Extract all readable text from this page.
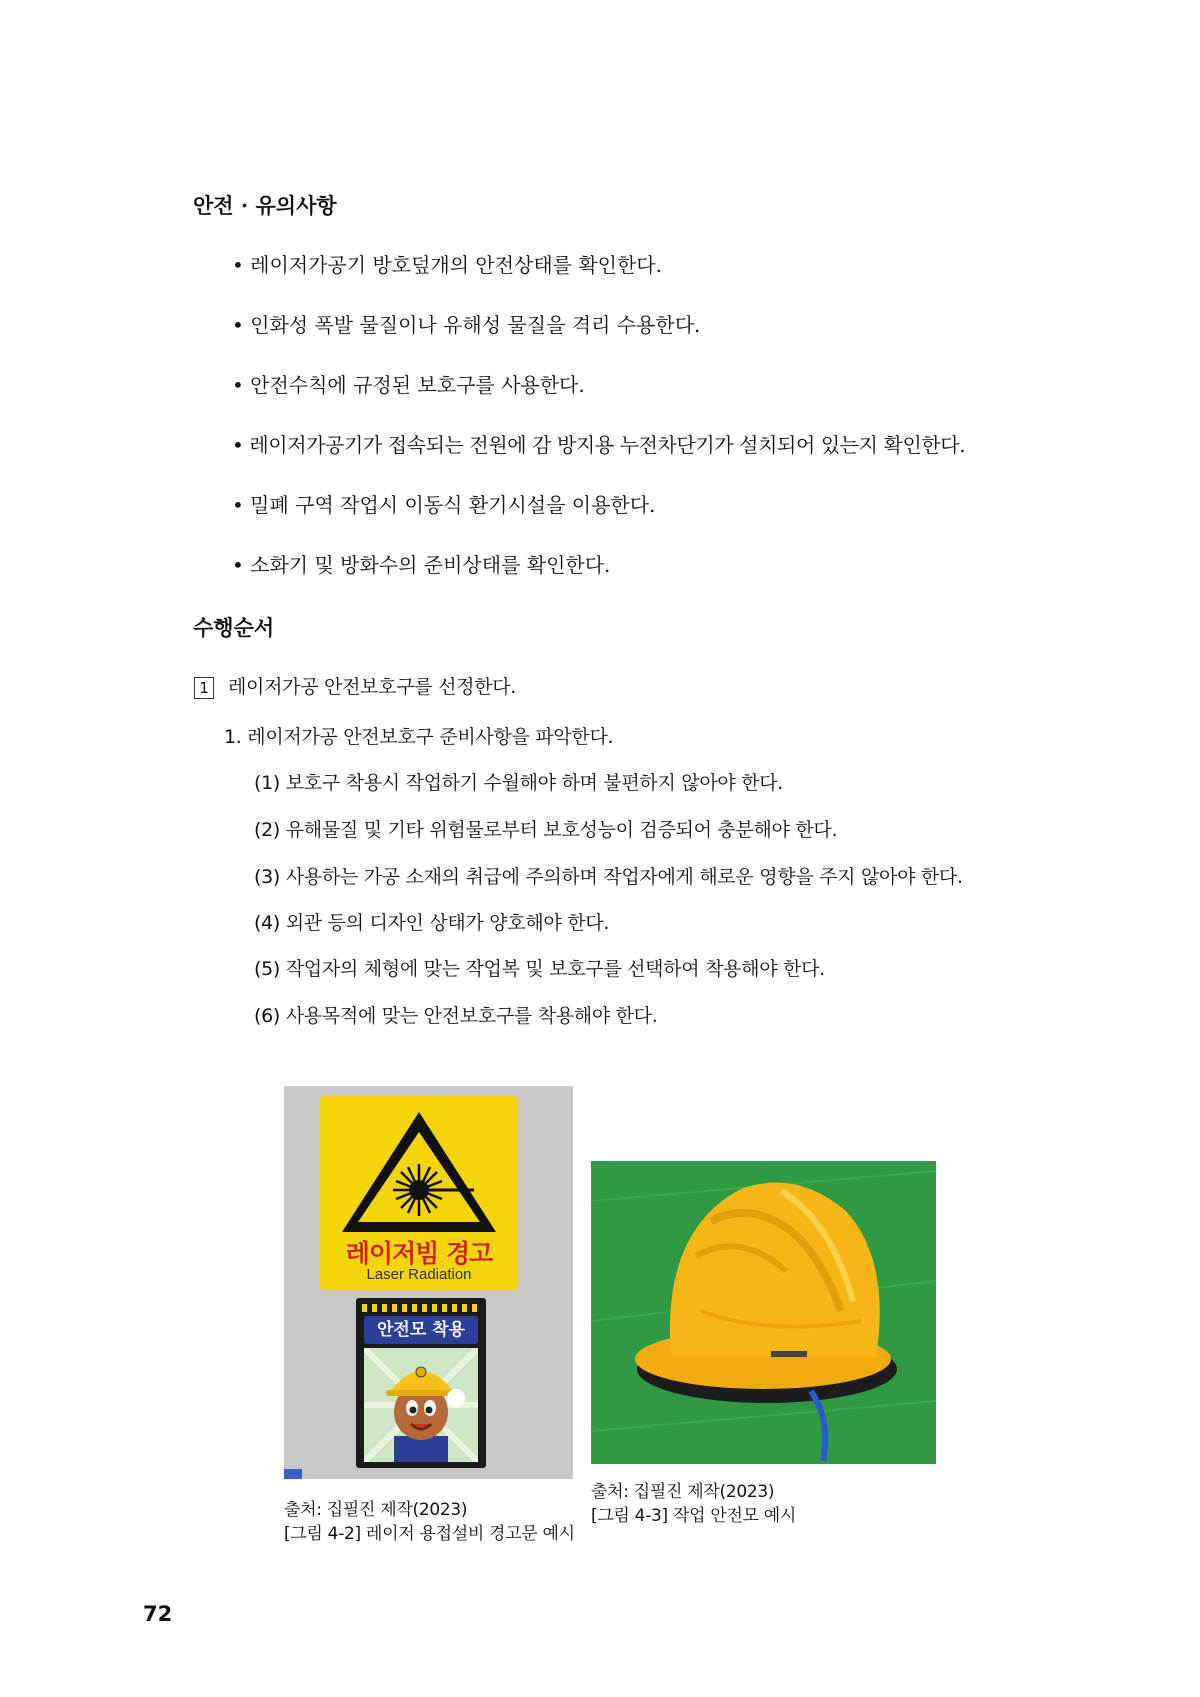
안전 · 유의사항
• 레이저가공기 방호덮개의 안전상태를 확인한다.
• 인화성 폭발 물질이나 유해성 물질을 격리 수용한다.
• 안전수칙에 규정된 보호구를 사용한다.
• 레이저가공기가 접속되는 전원에 감 방지용 누전차단기가 설치되어 있는지 확인한다.
• 밀폐 구역 작업시 이동식 환기시설을 이용한다.
• 소화기 및 방화수의 준비상태를 확인한다.
수행순서
1 레이저가공 안전보호구를 선정한다.
1. 레이저가공 안전보호구 준비사항을 파악한다.
(1) 보호구 착용시 작업하기 수월해야 하며 불편하지 않아야 한다.
(2) 유해물질 및 기타 위험물로부터 보호성능이 검증되어 충분해야 한다.
(3) 사용하는 가공 소재의 취급에 주의하며 작업자에게 해로운 영향을 주지 않아야 한다.
(4) 외관 등의 디자인 상태가 양호해야 한다.
(5) 작업자의 체형에 맞는 작업복 및 보호구를 선택하여 착용해야 한다.
(6) 사용목적에 맞는 안전보호구를 착용해야 한다.
레이저빔 경고
Laser Radiation
안전모 착용
출처: 집필진 제작(2023)
[그림 4-2] 레이저 용접설비 경고문 예시
출처: 집필진 제작(2023)
[그림 4-3] 작업 안전모 예시
72
